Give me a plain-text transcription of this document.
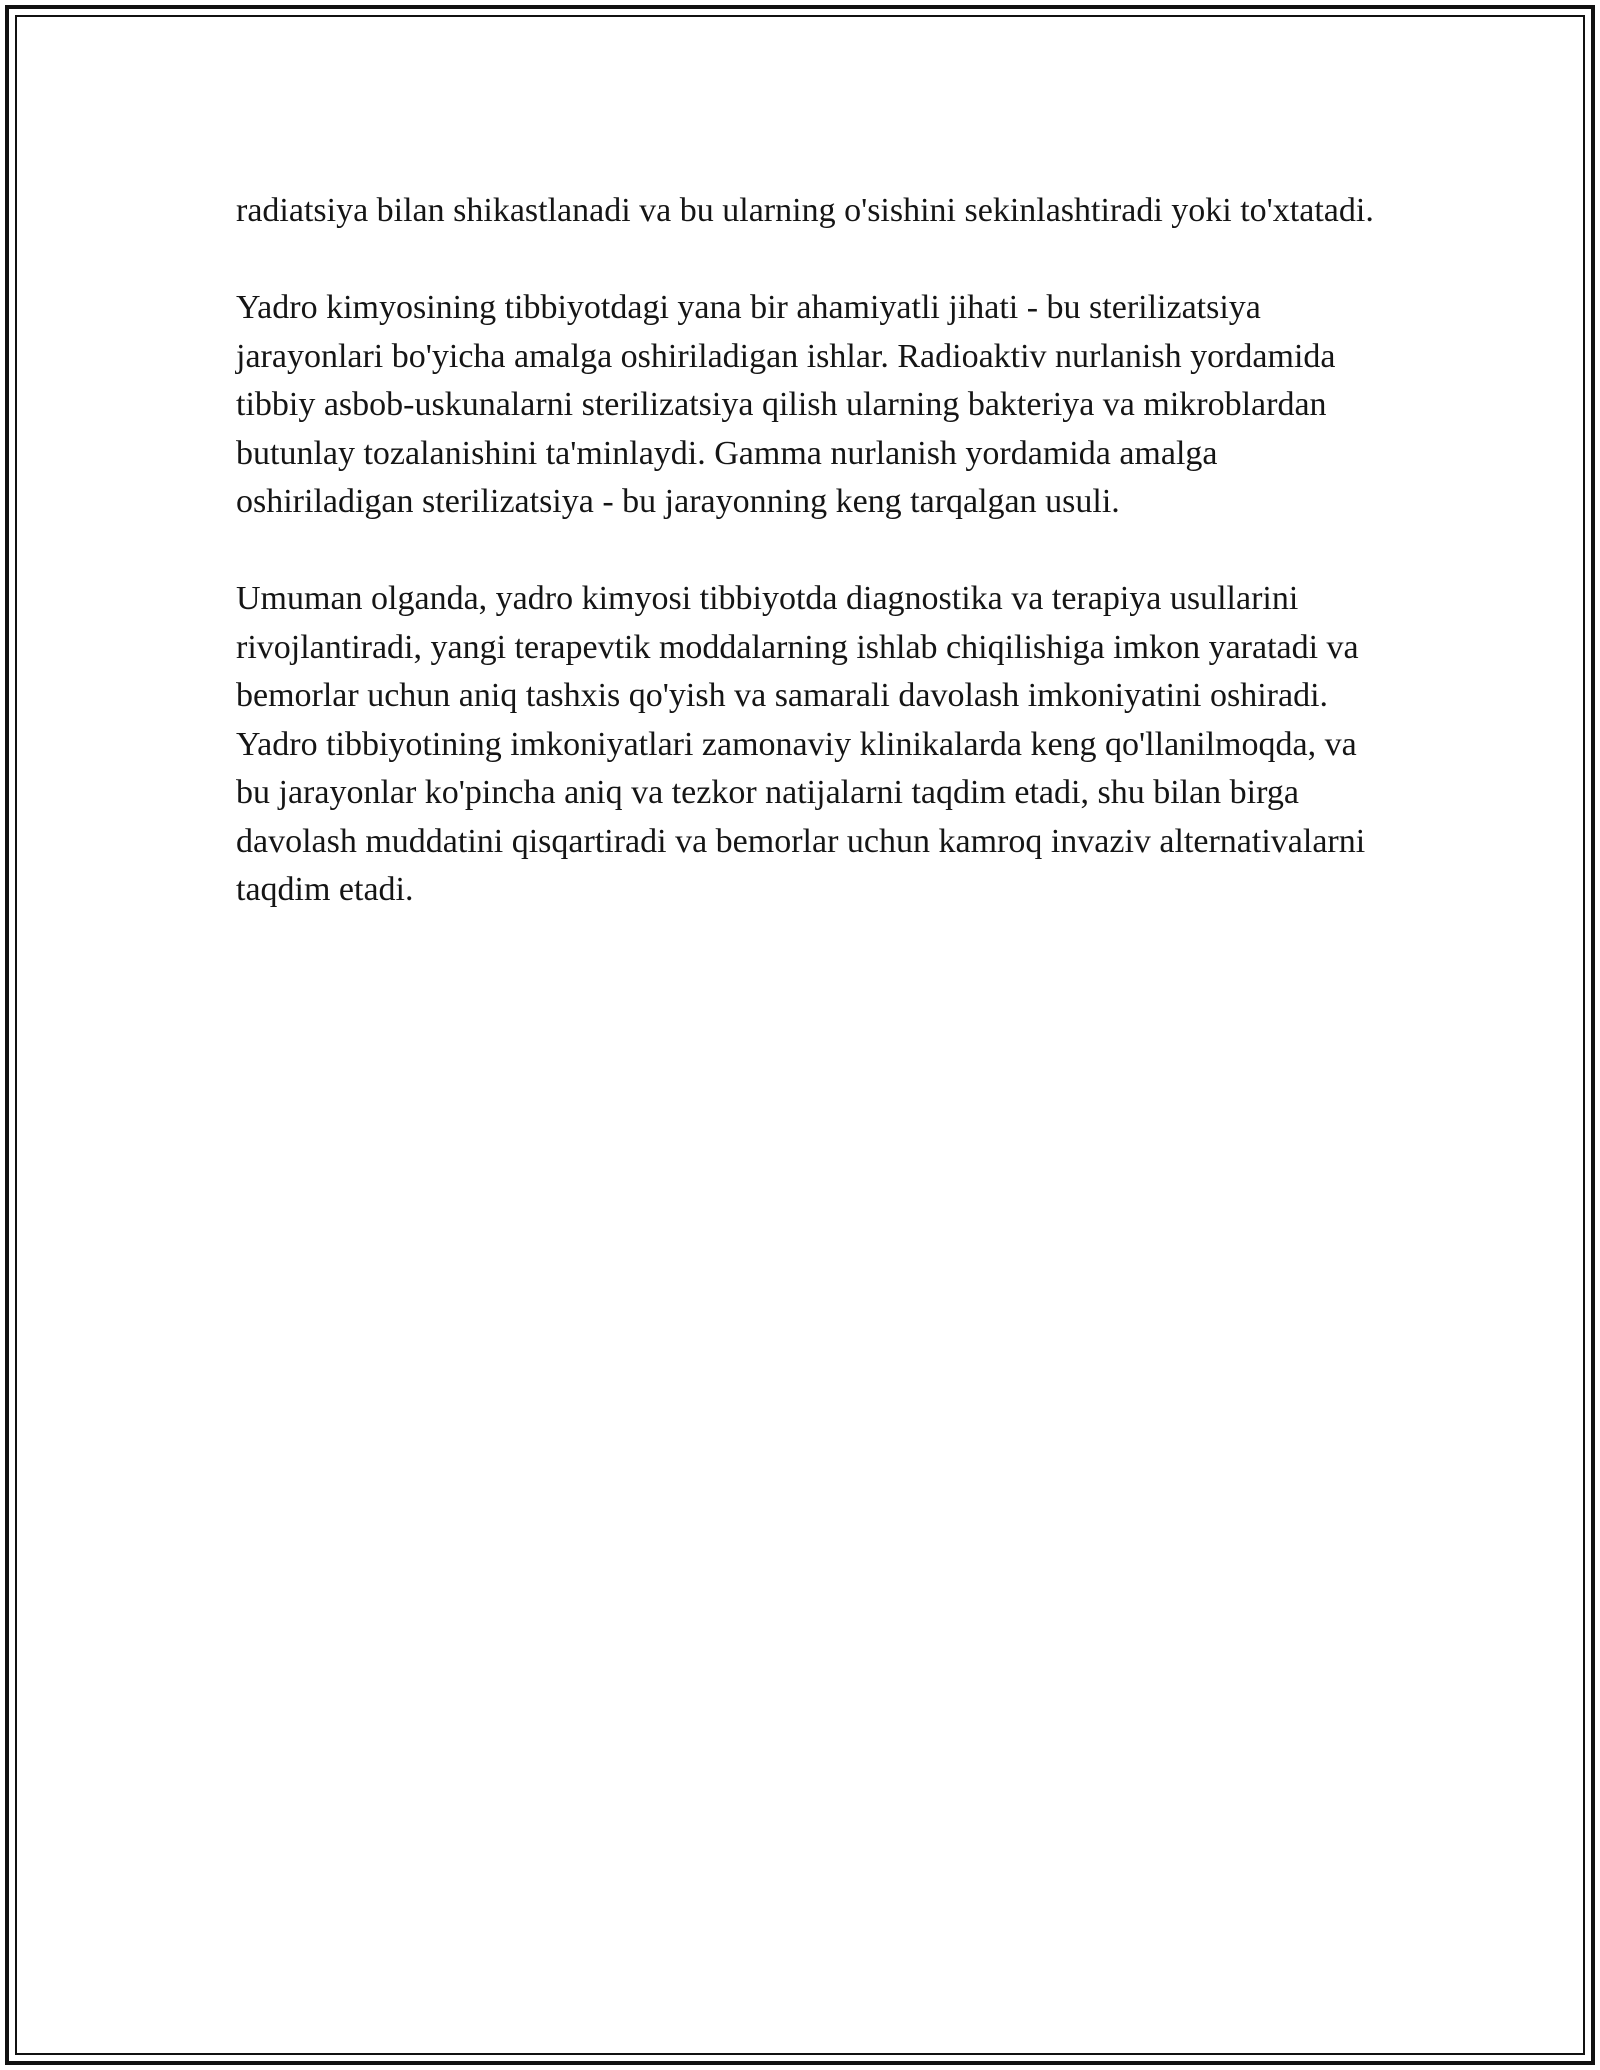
radiatsiya bilan shikastlanadi va bu ularning o'sishini sekinlashtiradi yoki to'xtatadi.

Yadro kimyosining tibbiyotdagi yana bir ahamiyatli jihati - bu sterilizatsiya jarayonlari bo'yicha amalga oshiriladigan ishlar. Radioaktiv nurlanish yordamida tibbiy asbob-uskunalarni sterilizatsiya qilish ularning bakteriya va mikroblardan butunlay tozalanishini ta'minlaydi. Gamma nurlanish yordamida amalga oshiriladigan sterilizatsiya - bu jarayonning keng tarqalgan usuli.

Umuman olganda, yadro kimyosi tibbiyotda diagnostika va terapiya usullarini rivojlantiradi, yangi terapevtik moddalarning ishlab chiqilishiga imkon yaratadi va bemorlar uchun aniq tashxis qo'yish va samarali davolash imkoniyatini oshiradi. Yadro tibbiyotining imkoniyatlari zamonaviy klinikalarda keng qo'llanilmoqda, va bu jarayonlar ko'pincha aniq va tezkor natijalarni taqdim etadi, shu bilan birga davolash muddatini qisqartiradi va bemorlar uchun kamroq invaziv alternativalarni taqdim etadi.
